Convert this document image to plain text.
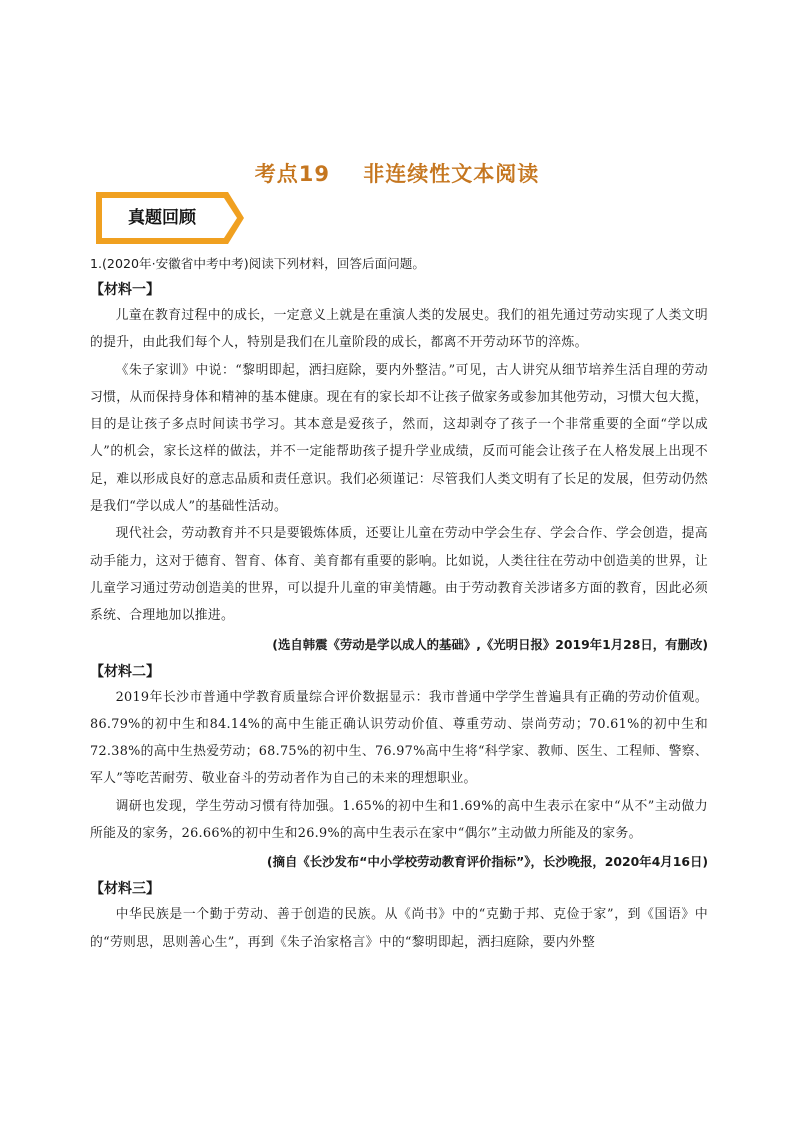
考点19    非连续性文本阅读
真题回顾

1.(2020年·安徽省中考中考)阅读下列材料，回答后面问题。

【材料一】

儿童在教育过程中的成长，一定意义上就是在重演人类的发展史。我们的祖先通过劳动实现了人类文明的提升，由此我们每个人，特别是我们在儿童阶段的成长，都离不开劳动环节的淬炼。

《朱子家训》中说：“黎明即起，洒扫庭除，要内外整洁。”可见，古人讲究从细节培养生活自理的劳动习惯，从而保持身体和精神的基本健康。现在有的家长却不让孩子做家务或参加其他劳动，习惯大包大揽，目的是让孩子多点时间读书学习。其本意是爱孩子，然而，这却剥夺了孩子一个非常重要的全面“学以成人”的机会，家长这样的做法，并不一定能帮助孩子提升学业成绩，反而可能会让孩子在人格发展上出现不足，难以形成良好的意志品质和责任意识。我们必须谨记：尽管我们人类文明有了长足的发展，但劳动仍然是我们“学以成人”的基础性活动。

现代社会，劳动教育并不只是要锻炼体质，还要让儿童在劳动中学会生存、学会合作、学会创造，提高动手能力，这对于德育、智育、体育、美育都有重要的影响。比如说，人类往往在劳动中创造美的世界，让儿童学习通过劳动创造美的世界，可以提升儿童的审美情趣。由于劳动教育关涉诸多方面的教育，因此必须系统、合理地加以推进。

(选自韩震《劳动是学以成人的基础》,《光明日报》2019年1月28日，有删改)

【材料二】

2019年长沙市普通中学教育质量综合评价数据显示：我市普通中学学生普遍具有正确的劳动价值观。86.79%的初中生和84.14%的高中生能正确认识劳动价值、尊重劳动、崇尚劳动；70.61%的初中生和72.38%的高中生热爱劳动；68.75%的初中生、76.97%高中生将“科学家、教师、医生、工程师、警察、军人”等吃苦耐劳、敬业奋斗的劳动者作为自己的未来的理想职业。

调研也发现，学生劳动习惯有待加强。1.65%的初中生和1.69%的高中生表示在家中“从不”主动做力所能及的家务，26.66%的初中生和26.9%的高中生表示在家中“偶尔”主动做力所能及的家务。

(摘自《长沙发布“中小学校劳动教育评价指标”》，长沙晚报，2020年4月16日)

【材料三】

中华民族是一个勤于劳动、善于创造的民族。从《尚书》中的“克勤于邦、克俭于家”，到《国语》中的“劳则思，思则善心生”，再到《朱子治家格言》中的“黎明即起，洒扫庭除，要内外整
